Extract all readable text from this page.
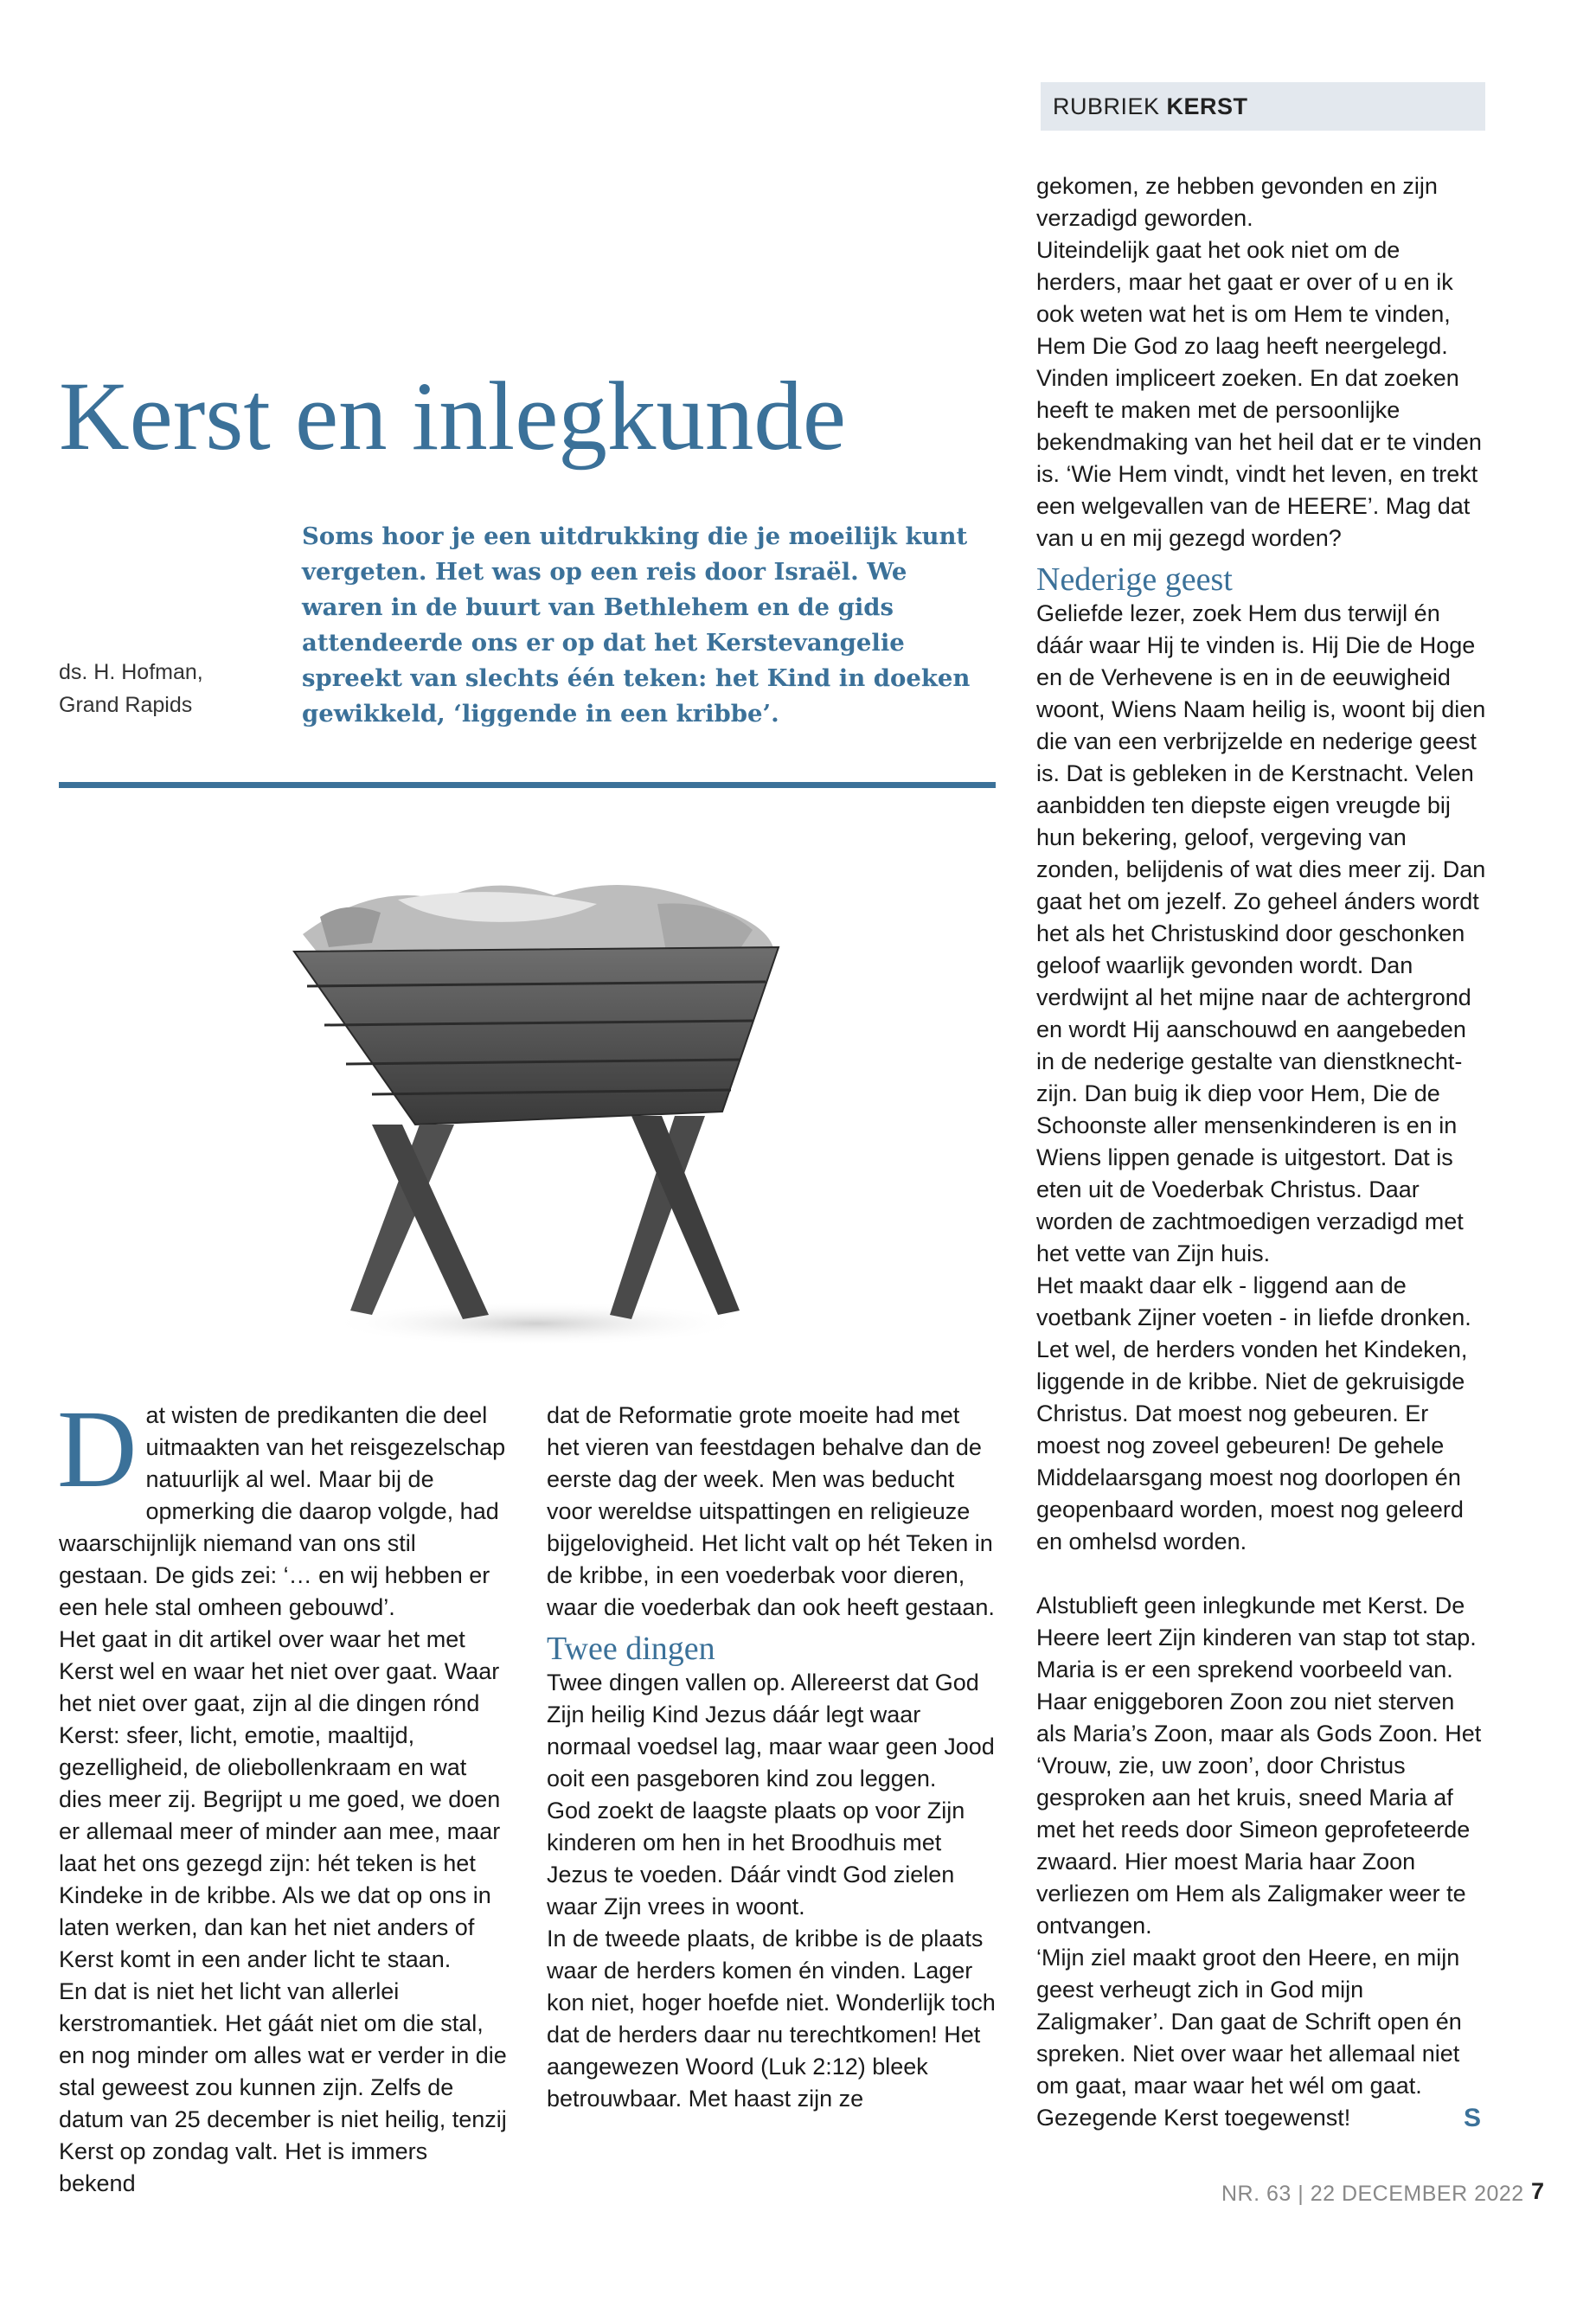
RUBRIEK KERST
Kerst en inlegkunde
ds. H. Hofman,
Grand Rapids
Soms hoor je een uitdrukking die je moeilijk kunt vergeten. Het was op een reis door Israël. We waren in de buurt van Bethlehem en de gids attendeerde ons er op dat het Kerstevangelie spreekt van slechts één teken: het Kind in doeken gewikkeld, ‘liggende in een kribbe’.
D at wisten de predikanten die deel uitmaakten van het reisgezelschap natuurlijk al wel. Maar bij de opmerking die daarop volgde, had waarschijnlijk niemand van ons stil gestaan. De gids zei: ‘… en wij hebben er een hele stal omheen gebouwd’.

Het gaat in dit artikel over waar het met Kerst wel en waar het niet over gaat. Waar het niet over gaat, zijn al die dingen rónd Kerst: sfeer, licht, emotie, maaltijd, gezelligheid, de oliebollenkraam en wat dies meer zij. Begrijpt u me goed, we doen er allemaal meer of minder aan mee, maar laat het ons gezegd zijn: hét teken is het Kindeke in de kribbe. Als we dat op ons in laten werken, dan kan het niet anders of Kerst komt in een ander licht te staan.

En dat is niet het licht van allerlei kerstromantiek. Het gáát niet om die stal, en nog minder om alles wat er verder in die stal geweest zou kunnen zijn. Zelfs de datum van 25 december is niet heilig, tenzij Kerst op zondag valt. Het is immers bekend

dat de Reformatie grote moeite had met het vieren van feestdagen behalve dan de eerste dag der week. Men was beducht voor wereldse uitspattingen en religieuze bijgelovigheid. Het licht valt op hét Teken in de kribbe, in een voederbak voor dieren, waar die voederbak dan ook heeft gestaan.

Twee dingen

Twee dingen vallen op. Allereerst dat God Zijn heilig Kind Jezus dáár legt waar normaal voedsel lag, maar waar geen Jood ooit een pasgeboren kind zou leggen.

God zoekt de laagste plaats op voor Zijn kinderen om hen in het Broodhuis met Jezus te voeden. Dáár vindt God zielen waar Zijn vrees in woont.

In de tweede plaats, de kribbe is de plaats waar de herders komen én vinden. Lager kon niet, hoger hoefde niet. Wonderlijk toch dat de herders daar nu terechtkomen! Het aangewezen Woord (Luk 2:12) bleek betrouwbaar. Met haast zijn ze

gekomen, ze hebben gevonden en zijn verzadigd geworden.

Uiteindelijk gaat het ook niet om de herders, maar het gaat er over of u en ik ook weten wat het is om Hem te vinden, Hem Die God zo laag heeft neergelegd. Vinden impliceert zoeken. En dat zoeken heeft te maken met de persoonlijke bekendmaking van het heil dat er te vinden is. ‘Wie Hem vindt, vindt het leven, en trekt een welgevallen van de HEERE’. Mag dat van u en mij gezegd worden?

Nederige geest

Geliefde lezer, zoek Hem dus terwijl én dáár waar Hij te vinden is. Hij Die de Hoge en de Verhevene is en in de eeuwigheid woont, Wiens Naam heilig is, woont bij dien die van een verbrijzelde en nederige geest is. Dat is gebleken in de Kerstnacht. Velen aanbidden ten diepste eigen vreugde bij hun bekering, geloof, vergeving van zonden, belijdenis of wat dies meer zij. Dan gaat het om jezelf. Zo geheel ánders wordt het als het Christuskind door geschonken geloof waarlijk gevonden wordt. Dan verdwijnt al het mijne naar de achtergrond en wordt Hij aanschouwd en aangebeden in de nederige gestalte van dienstknecht-zijn. Dan buig ik diep voor Hem, Die de Schoonste aller mensenkinderen is en in Wiens lippen genade is uitgestort. Dat is eten uit de Voederbak Christus. Daar worden de zachtmoedigen verzadigd met het vette van Zijn huis.

Het maakt daar elk - liggend aan de voetbank Zijner voeten - in liefde dronken.

Let wel, de herders vonden het Kindeken, liggende in de kribbe. Niet de gekruisigde Christus. Dat moest nog gebeuren. Er moest nog zoveel gebeuren! De gehele Middelaarsgang moest nog doorlopen én geopenbaard worden, moest nog geleerd en omhelsd worden.

Alstublieft geen inlegkunde met Kerst. De Heere leert Zijn kinderen van stap tot stap. Maria is er een sprekend voorbeeld van. Haar eniggeboren Zoon zou niet sterven als Maria’s Zoon, maar als Gods Zoon. Het ‘Vrouw, zie, uw zoon’, door Christus gesproken aan het kruis, sneed Maria af met het reeds door Simeon geprofeteerde zwaard. Hier moest Maria haar Zoon verliezen om Hem als Zaligmaker weer te ontvangen.

‘Mijn ziel maakt groot den Heere, en mijn geest verheugt zich in God mijn Zaligmaker’. Dan gaat de Schrift open én spreken. Niet over waar het allemaal niet om gaat, maar waar het wél om gaat. Gezegende Kerst toegewenst!	S

NR. 63 | 22 DECEMBER 2022 7
